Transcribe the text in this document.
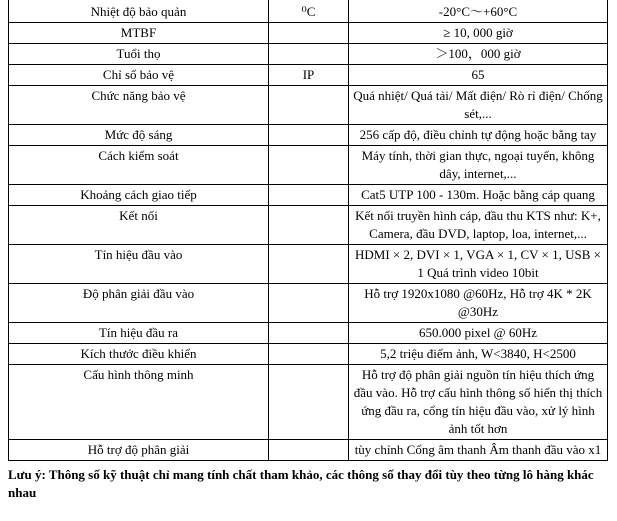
Nhiệt độ bảo quản	⁰C	-20°C～+60°C
MTBF		≥ 10, 000 giờ
Tuổi thọ		＞100，000 giờ
Chỉ số bảo vệ	IP	65
Chức năng bảo vệ		Quá nhiệt/ Quá tải/ Mất điện/ Rò rỉ điện/ Chống sét,...
Mức độ sáng		256 cấp độ, điều chỉnh tự động hoặc bằng tay
Cách kiểm soát		Máy tính, thời gian thực, ngoại tuyến, không dây, internet,...
Khoảng cách giao tiếp		Cat5 UTP 100 - 130m. Hoặc bằng cáp quang
Kết nối		Kết nối truyền hình cáp, đầu thu KTS như: K+, Camera, đầu DVD, laptop, loa, internet,...
Tín hiệu đầu vào		HDMI × 2, DVI × 1, VGA × 1, CV × 1, USB × 1 Quá trình video 10bit
Độ phân giải đầu vào		Hỗ trợ 1920x1080 @60Hz, Hỗ trợ 4K * 2K @30Hz
Tín hiệu đầu ra		650.000 pixel @ 60Hz
Kích thước điều khiển		5,2 triệu điểm ảnh, W<3840, H<2500
Cấu hình thông minh		Hỗ trợ độ phân giải nguồn tín hiệu thích ứng đầu vào. Hỗ trợ cấu hình thông số hiển thị thích ứng đầu ra, cổng tín hiệu đầu vào, xử lý hình ảnh tốt hơn
Hỗ trợ độ phân giải		tùy chỉnh Cổng âm thanh Âm thanh đầu vào x1
Lưu ý: Thông số kỹ thuật chỉ mang tính chất tham khảo, các thông số thay đổi tùy theo từng lô hàng khác nhau
